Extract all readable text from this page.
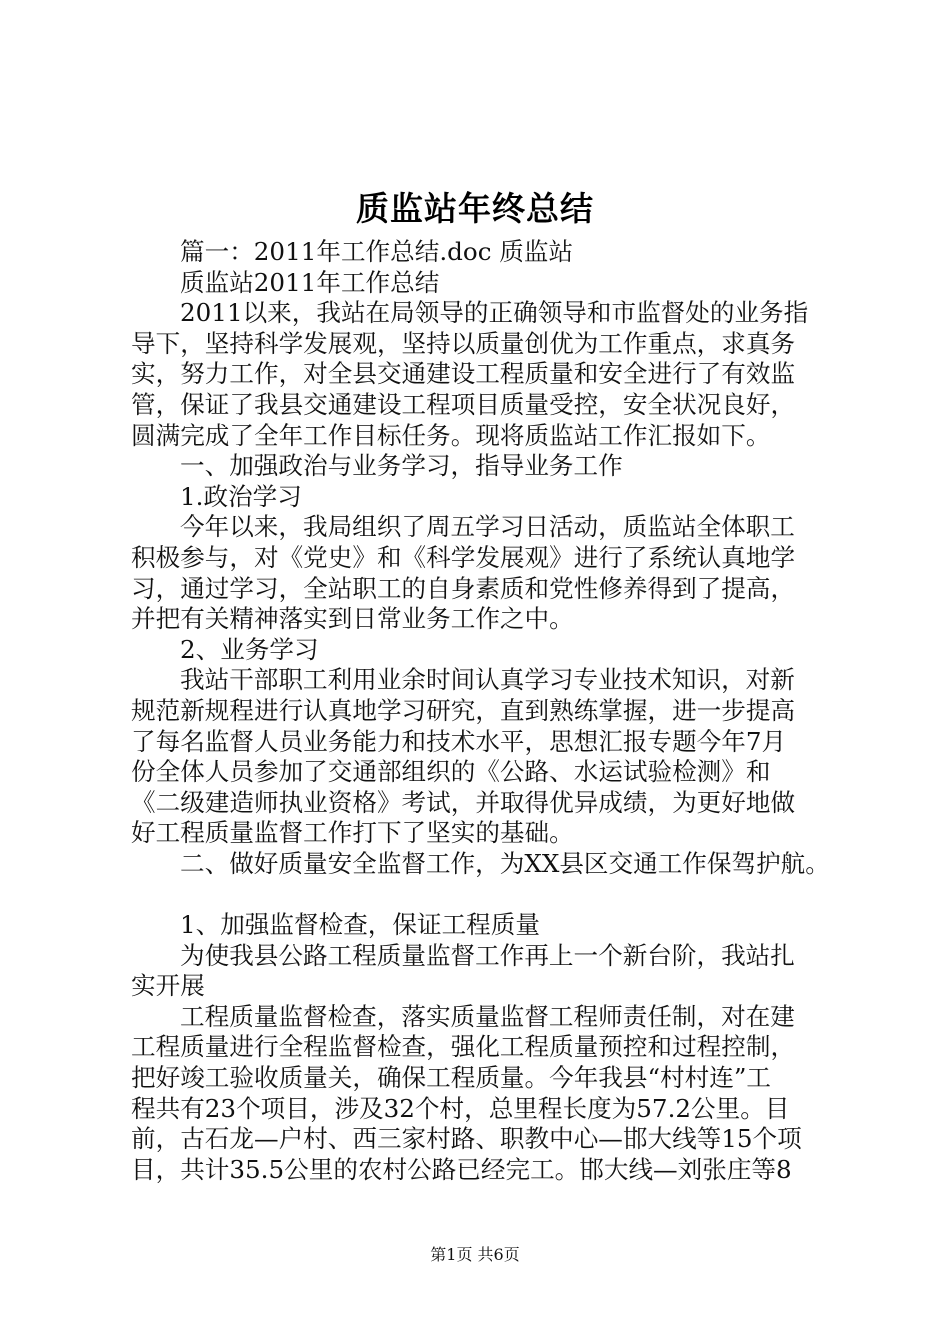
质监站年终总结
篇一：2011年工作总结.doc 质监站
质监站2011年工作总结
2011以来，我站在局领导的正确领导和市监督处的业务指
导下，坚持科学发展观，坚持以质量创优为工作重点，求真务
实，努力工作，对全县交通建设工程质量和安全进行了有效监
管，保证了我县交通建设工程项目质量受控，安全状况良好，
圆满完成了全年工作目标任务。现将质监站工作汇报如下。
一、加强政治与业务学习，指导业务工作
1.政治学习
今年以来，我局组织了周五学习日活动，质监站全体职工
积极参与，对《党史》和《科学发展观》进行了系统认真地学
习，通过学习，全站职工的自身素质和党性修养得到了提高，
并把有关精神落实到日常业务工作之中。
2、业务学习
我站干部职工利用业余时间认真学习专业技术知识，对新
规范新规程进行认真地学习研究，直到熟练掌握，进一步提高
了每名监督人员业务能力和技术水平，思想汇报专题今年7月
份全体人员参加了交通部组织的《公路、水运试验检测》和
《二级建造师执业资格》考试，并取得优异成绩，为更好地做
好工程质量监督工作打下了坚实的基础。
二、做好质量安全监督工作，为XX县区交通工作保驾护航。
1、加强监督检查，保证工程质量
为使我县公路工程质量监督工作再上一个新台阶，我站扎
实开展
工程质量监督检查，落实质量监督工程师责任制，对在建
工程质量进行全程监督检查，强化工程质量预控和过程控制，
把好竣工验收质量关，确保工程质量。今年我县“村村连”工
程共有23个项目，涉及32个村，总里程长度为57.2公里。目
前，古石龙—户村、西三家村路、职教中心—邯大线等15个项
目，共计35.5公里的农村公路已经完工。邯大线—刘张庄等8
第1页 共6页
